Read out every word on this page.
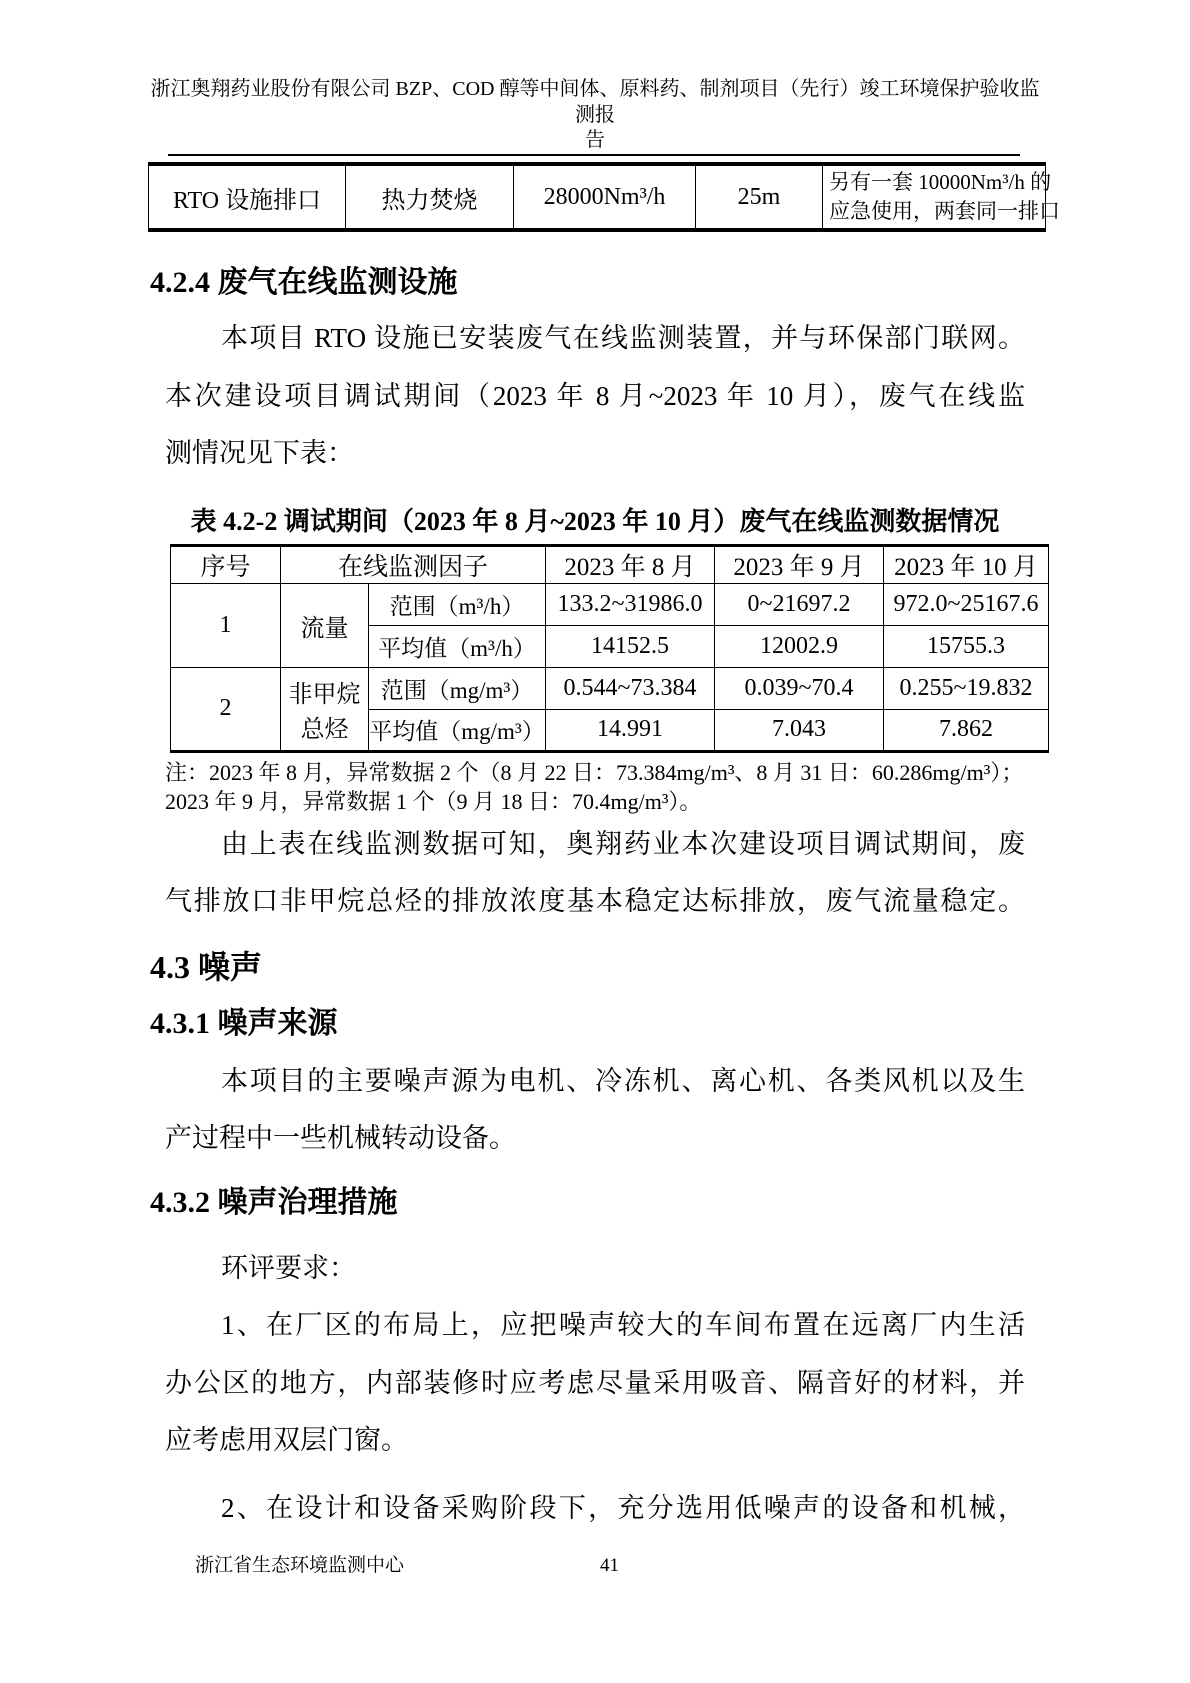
浙江奥翔药业股份有限公司 BZP、COD 醇等中间体、原料药、制剂项目（先行）竣工环境保护验收监测报
告
RTO 设施排口	热力焚烧	28000Nm³/h	25m	
另有一套 10000Nm³/h 的
应急使用，两套同一排口
4.2.4 废气在线监测设施
本项目 RTO 设施已安装废气在线监测装置，并与环保部门联网。
本次建设项目调试期间（2023 年 8 月~2023 年 10 月），废气在线监
测情况见下表：
表 4.2-2 调试期间（2023 年 8 月~2023 年 10 月）废气在线监测数据情况
序号	在线监测因子		2023 年 8 月	2023 年 9 月	2023 年 10 月
1	流量	范围（m³/h）	133.2~31986.0	0~21697.2	972.0~25167.6
		平均值（m³/h）	14152.5	12002.9	15755.3
2	非甲烷总烃	范围（mg/m³）	0.544~73.384	0.039~70.4	0.255~19.832
		平均值（mg/m³）	14.991	7.043	7.862
注：2023 年 8 月，异常数据 2 个（8 月 22 日：73.384mg/m³、8 月 31 日：60.286mg/m³）；
2023 年 9 月，异常数据 1 个（9 月 18 日：70.4mg/m³）。
由上表在线监测数据可知，奥翔药业本次建设项目调试期间，废
气排放口非甲烷总烃的排放浓度基本稳定达标排放，废气流量稳定。
4.3 噪声
4.3.1 噪声来源
本项目的主要噪声源为电机、冷冻机、离心机、各类风机以及生
产过程中一些机械转动设备。
4.3.2 噪声治理措施
环评要求：
1、在厂区的布局上，应把噪声较大的车间布置在远离厂内生活
办公区的地方，内部装修时应考虑尽量采用吸音、隔音好的材料，并
应考虑用双层门窗。
2、在设计和设备采购阶段下，充分选用低噪声的设备和机械，
浙江省生态环境监测中心	41
